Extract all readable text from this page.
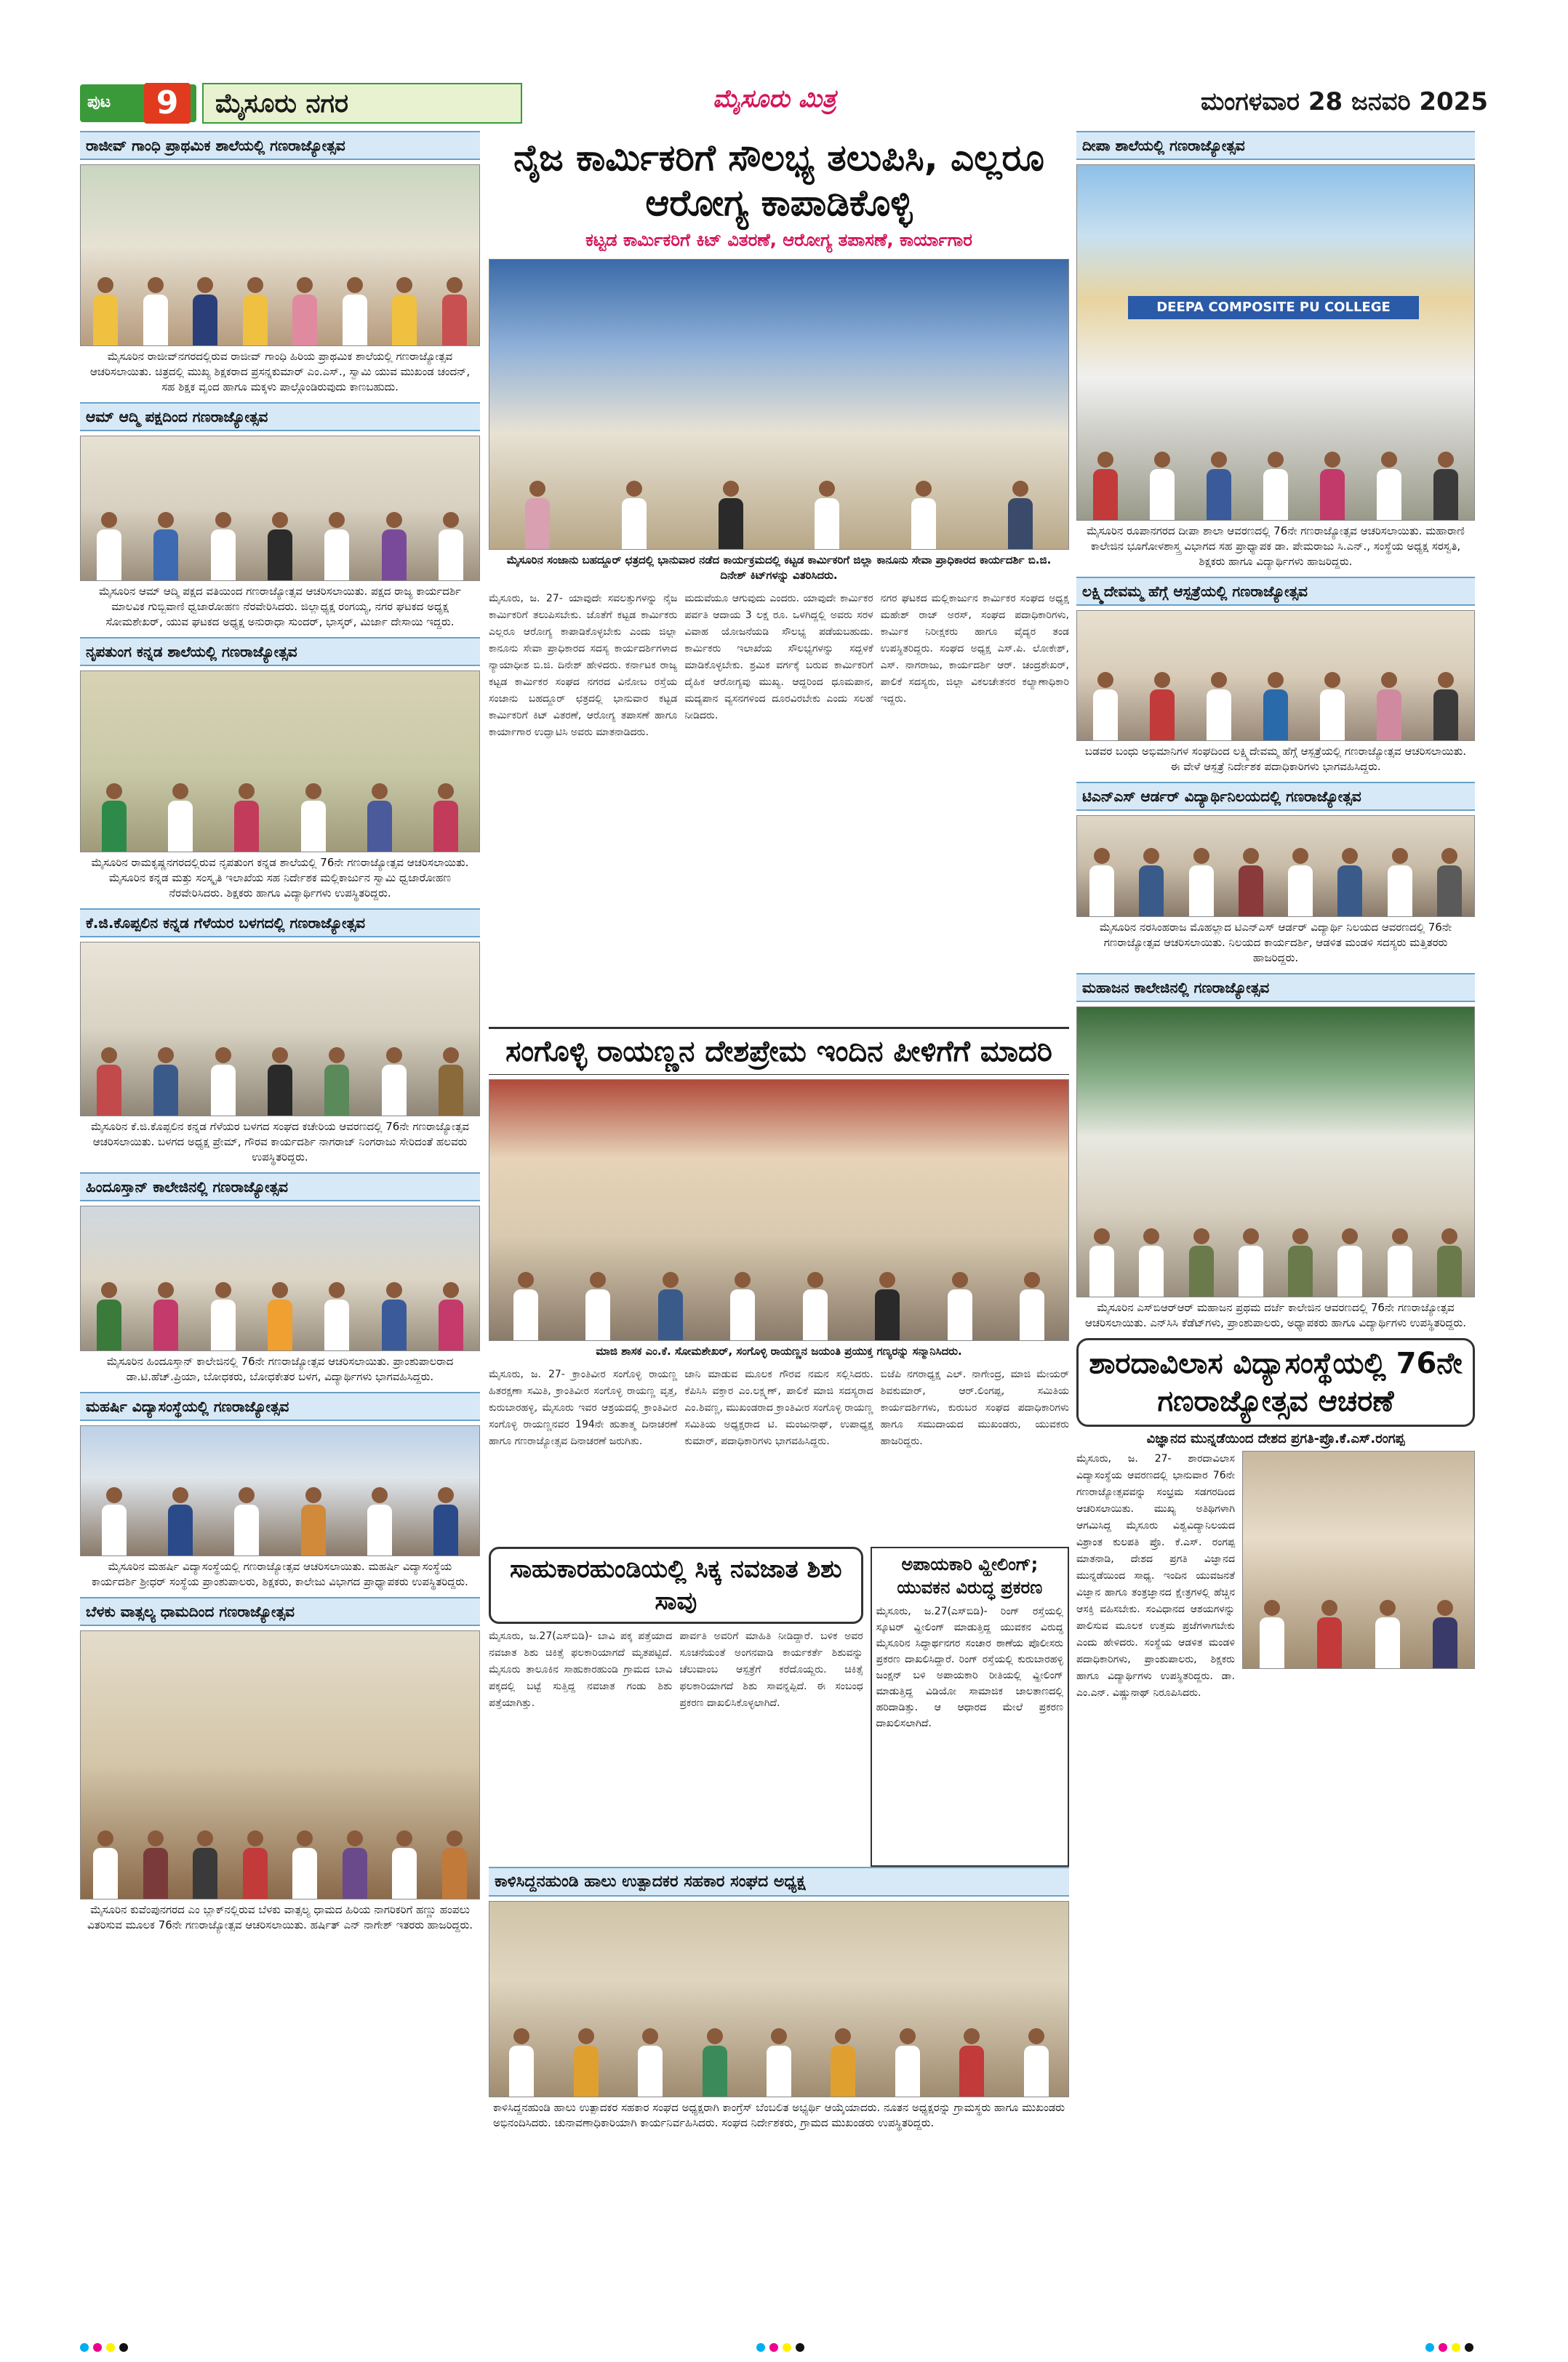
ಪುಟ	9	ಮೈಸೂರು ನಗರ	ಮೈಸೂರು ಮಿತ್ರ	ಮಂಗಳವಾರ 28 ಜನವರಿ 2025
ರಾಜೀವ್ ಗಾಂಧಿ ಪ್ರಾಥಮಿಕ ಶಾಲೆಯಲ್ಲಿ ಗಣರಾಜ್ಯೋತ್ಸವ
ಮೈಸೂರಿನ ರಾಜೀವ್‌ನಗರದಲ್ಲಿರುವ ರಾಜೀವ್ ಗಾಂಧಿ ಹಿರಿಯ ಪ್ರಾಥಮಿಕ ಶಾಲೆಯಲ್ಲಿ ಗಣರಾಜ್ಯೋತ್ಸವ ಆಚರಿಸಲಾಯಿತು. ಚಿತ್ರದಲ್ಲಿ ಮುಖ್ಯ ಶಿಕ್ಷಕರಾದ ಪ್ರಸನ್ನಕುಮಾರ್ ಎಂ.ಎಸ್., ಸ್ವಾಮಿ ಯುವ ಮುಖಂಡ ಚಂದನ್, ಸಹ ಶಿಕ್ಷಕ ವೃಂದ ಹಾಗೂ ಮಕ್ಕಳು ಪಾಲ್ಗೊಂಡಿರುವುದು ಕಾಣಬಹುದು.
ಆಮ್ ಆದ್ಮಿ ಪಕ್ಷದಿಂದ ಗಣರಾಜ್ಯೋತ್ಸವ
ಮೈಸೂರಿನ ಆಮ್ ಆದ್ಮಿ ಪಕ್ಷದ ವತಿಯಿಂದ ಗಣರಾಜ್ಯೋತ್ಸವ ಆಚರಿಸಲಾಯಿತು. ಪಕ್ಷದ ರಾಜ್ಯ ಕಾರ್ಯದರ್ಶಿ ಮಾಲವಿಕ ಗುಬ್ಬಿವಾಣಿ ಧ್ವಜಾರೋಹಣ ನೆರವೇರಿಸಿದರು. ಜಿಲ್ಲಾಧ್ಯಕ್ಷ ರಂಗಯ್ಯ, ನಗರ ಘಟಕದ ಅಧ್ಯಕ್ಷ ಸೋಮಶೇಖರ್, ಯುವ ಘಟಕದ ಅಧ್ಯಕ್ಷ ಅನುರಾಧಾ ಸುಂದರ್, ಭಾಸ್ಕರ್, ಮಿರ್ಜಾ ದೇಸಾಯಿ ಇದ್ದರು.
ನೃಪತುಂಗ ಕನ್ನಡ ಶಾಲೆಯಲ್ಲಿ ಗಣರಾಜ್ಯೋತ್ಸವ
ಮೈಸೂರಿನ ರಾಮಕೃಷ್ಣನಗರದಲ್ಲಿರುವ ನೃಪತುಂಗ ಕನ್ನಡ ಶಾಲೆಯಲ್ಲಿ 76ನೇ ಗಣರಾಜ್ಯೋತ್ಸವ ಆಚರಿಸಲಾಯಿತು. ಮೈಸೂರಿನ ಕನ್ನಡ ಮತ್ತು ಸಂಸ್ಕೃತಿ ಇಲಾಖೆಯ ಸಹ ನಿರ್ದೇಶಕ ಮಲ್ಲಿಕಾರ್ಜುನ ಸ್ವಾಮಿ ಧ್ವಜಾರೋಹಣ ನೆರವೇರಿಸಿದರು. ಶಿಕ್ಷಕರು ಹಾಗೂ ವಿದ್ಯಾರ್ಥಿಗಳು ಉಪಸ್ಥಿತರಿದ್ದರು.
ಕೆ.ಜಿ.ಕೊಪ್ಪಲಿನ ಕನ್ನಡ ಗೆಳೆಯರ ಬಳಗದಲ್ಲಿ ಗಣರಾಜ್ಯೋತ್ಸವ
ಮೈಸೂರಿನ ಕೆ.ಜಿ.ಕೊಪ್ಪಲಿನ ಕನ್ನಡ ಗೆಳೆಯರ ಬಳಗದ ಸಂಘದ ಕಚೇರಿಯ ಆವರಣದಲ್ಲಿ 76ನೇ ಗಣರಾಜ್ಯೋತ್ಸವ ಆಚರಿಸಲಾಯಿತು. ಬಳಗದ ಅಧ್ಯಕ್ಷ ಪ್ರೇಮ್, ಗೌರವ ಕಾರ್ಯದರ್ಶಿ ನಾಗರಾಜ್ ನಿಂಗರಾಜು ಸೇರಿದಂತೆ ಹಲವರು ಉಪಸ್ಥಿತರಿದ್ದರು.
ಹಿಂದೂಸ್ತಾನ್ ಕಾಲೇಜಿನಲ್ಲಿ ಗಣರಾಜ್ಯೋತ್ಸವ
ಮೈಸೂರಿನ ಹಿಂದೂಸ್ತಾನ್ ಕಾಲೇಜಿನಲ್ಲಿ 76ನೇ ಗಣರಾಜ್ಯೋತ್ಸವ ಆಚರಿಸಲಾಯಿತು. ಪ್ರಾಂಶುಪಾಲರಾದ ಡಾ.ಟಿ.ಹೆಚ್.ಪ್ರಿಯಾ, ಬೋಧಕರು, ಬೋಧಕೇತರ ಬಳಗ, ವಿದ್ಯಾರ್ಥಿಗಳು ಭಾಗವಹಿಸಿದ್ದರು.
ಮಹರ್ಷಿ ವಿದ್ಯಾಸಂಸ್ಥೆಯಲ್ಲಿ ಗಣರಾಜ್ಯೋತ್ಸವ
ಮೈಸೂರಿನ ಮಹರ್ಷಿ ವಿದ್ಯಾಸಂಸ್ಥೆಯಲ್ಲಿ ಗಣರಾಜ್ಯೋತ್ಸವ ಆಚರಿಸಲಾಯಿತು. ಮಹರ್ಷಿ ವಿದ್ಯಾಸಂಸ್ಥೆಯ ಕಾರ್ಯದರ್ಶಿ ಶ್ರೀಧರ್ ಸಂಸ್ಥೆಯ ಪ್ರಾಂಶುಪಾಲರು, ಶಿಕ್ಷಕರು, ಕಾಲೇಜು ವಿಭಾಗದ ಪ್ರಾಧ್ಯಾಪಕರು ಉಪಸ್ಥಿತರಿದ್ದರು.
ಬೆಳಕು ವಾತ್ಸಲ್ಯ ಧಾಮದಿಂದ ಗಣರಾಜ್ಯೋತ್ಸವ
ಮೈಸೂರಿನ ಕುವೆಂಪುನಗರದ ಎಂ ಬ್ಲಾಕ್‌ನಲ್ಲಿರುವ ಬೆಳಕು ವಾತ್ಸಲ್ಯ ಧಾಮದ ಹಿರಿಯ ನಾಗರಿಕರಿಗೆ ಹಣ್ಣು ಹಂಪಲು ವಿತರಿಸುವ ಮೂಲಕ 76ನೇ ಗಣರಾಜ್ಯೋತ್ಸವ ಆಚರಿಸಲಾಯಿತು. ಹರ್ಷಿತ್ ಎನ್ ನಾಗೇಶ್ ಇತರರು ಹಾಜರಿದ್ದರು.
ನೈಜ ಕಾರ್ಮಿಕರಿಗೆ ಸೌಲಭ್ಯ ತಲುಪಿಸಿ, ಎಲ್ಲರೂ ಆರೋಗ್ಯ ಕಾಪಾಡಿಕೊಳ್ಳಿ
ಕಟ್ಟಡ ಕಾರ್ಮಿಕರಿಗೆ ಕಿಟ್ ವಿತರಣೆ, ಆರೋಗ್ಯ ತಪಾಸಣೆ, ಕಾರ್ಯಾಗಾರ
ಮೈಸೂರಿನ ಸಂಜಾನು ಬಹದ್ದೂರ್ ಛತ್ರದಲ್ಲಿ ಭಾನುವಾರ ನಡೆದ ಕಾರ್ಯಕ್ರಮದಲ್ಲಿ ಕಟ್ಟಡ ಕಾರ್ಮಿಕರಿಗೆ ಜಿಲ್ಲಾ ಕಾನೂನು ಸೇವಾ ಪ್ರಾಧಿಕಾರದ ಕಾರ್ಯದರ್ಶಿ ಬಿ.ಜಿ. ದಿನೇಶ್ ಕಿಟ್‌ಗಳನ್ನು ವಿತರಿಸಿದರು.
ಮೈಸೂರು, ಜ. 27- ಯಾವುದೇ ಸವಲತ್ತುಗಳನ್ನು ನೈಜ ಕಾರ್ಮಿಕರಿಗೆ ತಲುಪಿಸಬೇಕು. ಜೊತೆಗೆ ಕಟ್ಟಡ ಕಾರ್ಮಿಕರು ಎಲ್ಲರೂ ಆರೋಗ್ಯ ಕಾಪಾಡಿಕೊಳ್ಳಬೇಕು ಎಂದು ಜಿಲ್ಲಾ ಕಾನೂನು ಸೇವಾ ಪ್ರಾಧಿಕಾರದ ಸದಸ್ಯ ಕಾರ್ಯದರ್ಶಿಗಳಾದ ನ್ಯಾಯಾಧೀಶ ಬಿ.ಜಿ. ದಿನೇಶ್ ಹೇಳಿದರು. ಕರ್ನಾಟಕ ರಾಜ್ಯ ಕಟ್ಟಡ ಕಾರ್ಮಿಕರ ಸಂಘದ ನಗರದ ವಿನೋಬ ರಸ್ತೆಯ ಸಂಜಾನು ಬಹದ್ದೂರ್ ಛತ್ರದಲ್ಲಿ ಭಾನುವಾರ ಕಟ್ಟಡ ಕಾರ್ಮಿಕರಿಗೆ ಕಿಟ್ ವಿತರಣೆ, ಆರೋಗ್ಯ ತಪಾಸಣೆ ಹಾಗೂ ಕಾರ್ಯಾಗಾರ ಉದ್ಘಾಟಿಸಿ ಅವರು ಮಾತನಾಡಿದರು.
ಮದುವೆಯೂ ಆಗುವುದು ಎಂದರು. ಯಾವುದೇ ಕಾರ್ಮಿಕರ ಪರ್ವತಿ ಆದಾಯ 3 ಲಕ್ಷ ರೂ. ಒಳಗಿದ್ದಲ್ಲಿ ಅವರು ಸರಳ ವಿವಾಹ ಯೋಜನೆಯಡಿ ಸೌಲಭ್ಯ ಪಡೆಯಬಹುದು. ಕಾರ್ಮಿಕರು ಇಲಾಖೆಯ ಸೌಲಭ್ಯಗಳನ್ನು ಸದ್ಬಳಕೆ ಮಾಡಿಕೊಳ್ಳಬೇಕು. ಶ್ರಮಿಕ ವರ್ಗಕ್ಕೆ ಬರುವ ಕಾರ್ಮಿಕರಿಗೆ ದೈಹಿಕ ಆರೋಗ್ಯವು ಮುಖ್ಯ. ಆದ್ದರಿಂದ ಧೂಮಪಾನ, ಮದ್ಯಪಾನ ವ್ಯಸನಗಳಿಂದ ದೂರವಿರಬೇಕು ಎಂದು ಸಲಹೆ ನೀಡಿದರು.
ನಗರ ಘಟಕದ ಮಲ್ಲಿಕಾರ್ಜುನ ಕಾರ್ಮಿಕರ ಸಂಘದ ಅಧ್ಯಕ್ಷ ಮಹೇಶ್ ರಾಜ್ ಅರಸ್, ಸಂಘದ ಪದಾಧಿಕಾರಿಗಳು, ಕಾರ್ಮಿಕ ನಿರೀಕ್ಷಕರು ಹಾಗೂ ವೈದ್ಯರ ತಂಡ ಉಪಸ್ಥಿತರಿದ್ದರು. ಸಂಘದ ಅಧ್ಯಕ್ಷ ಎಸ್.ಪಿ. ಲೋಕೇಶ್, ಎಸ್. ನಾಗರಾಜು, ಕಾರ್ಯದರ್ಶಿ ಆರ್. ಚಂದ್ರಶೇಖರ್, ಪಾಲಿಕೆ ಸದಸ್ಯರು, ಜಿಲ್ಲಾ ವಿಕಲಚೇತನರ ಕಲ್ಯಾಣಾಧಿಕಾರಿ ಇದ್ದರು.
ಸಂಗೊಳ್ಳಿ ರಾಯಣ್ಣನ ದೇಶಪ್ರೇಮ ಇಂದಿನ ಪೀಳಿಗೆಗೆ ಮಾದರಿ
ಮಾಜಿ ಶಾಸಕ ಎಂ.ಕೆ. ಸೋಮಶೇಖರ್, ಸಂಗೊಳ್ಳಿ ರಾಯಣ್ಣನ ಜಯಂತಿ ಪ್ರಯುಕ್ತ ಗಣ್ಯರನ್ನು ಸನ್ಮಾನಿಸಿದರು.
ಮೈಸೂರು, ಜ. 27- ಕ್ರಾಂತಿವೀರ ಸಂಗೊಳ್ಳಿ ರಾಯಣ್ಣ ಹಿತರಕ್ಷಣಾ ಸಮಿತಿ, ಕ್ರಾಂತಿವೀರ ಸಂಗೊಳ್ಳಿ ರಾಯಣ್ಣ ವೃತ್ತ, ಕುರುಬಾರಹಳ್ಳಿ, ಮೈಸೂರು ಇವರ ಆಶ್ರಯದಲ್ಲಿ ಕ್ರಾಂತಿವೀರ ಸಂಗೊಳ್ಳಿ ರಾಯಣ್ಣನವರ 194ನೇ ಹುತಾತ್ಮ ದಿನಾಚರಣೆ ಹಾಗೂ ಗಣರಾಜ್ಯೋತ್ಸವ ದಿನಾಚರಣೆ ಜರುಗಿತು.
ಜಾನಿ ಮಾಡುವ ಮೂಲಕ ಗೌರವ ನಮನ ಸಲ್ಲಿಸಿದರು. ಕೆಪಿಸಿಸಿ ವಕ್ತಾರ ಎಂ.ಲಕ್ಷ್ಮಣ್, ಪಾಲಿಕೆ ಮಾಜಿ ಸದಸ್ಯರಾದ ಎಂ.ಶಿವಣ್ಣ, ಮುಖಂಡರಾದ ಕ್ರಾಂತಿವೀರ ಸಂಗೊಳ್ಳಿ ರಾಯಣ್ಣ ಸಮಿತಿಯ ಅಧ್ಯಕ್ಷರಾದ ಟಿ. ಮಂಜುನಾಥ್, ಉಪಾಧ್ಯಕ್ಷ ಕುಮಾರ್, ಪದಾಧಿಕಾರಿಗಳು ಭಾಗವಹಿಸಿದ್ದರು.
ಬಿಜೆಪಿ ನಗರಾಧ್ಯಕ್ಷ ಎಲ್. ನಾಗೇಂದ್ರ, ಮಾಜಿ ಮೇಯರ್ ಶಿವಕುಮಾರ್, ಆರ್.ಲಿಂಗಪ್ಪ, ಸಮಿತಿಯ ಕಾರ್ಯದರ್ಶಿಗಳು, ಕುರುಬರ ಸಂಘದ ಪದಾಧಿಕಾರಿಗಳು ಹಾಗೂ ಸಮುದಾಯದ ಮುಖಂಡರು, ಯುವಕರು ಹಾಜರಿದ್ದರು.
ಸಾಹುಕಾರಹುಂಡಿಯಲ್ಲಿ ಸಿಕ್ಕ ನವಜಾತ ಶಿಶು ಸಾವು
ಮೈಸೂರು, ಜ.27(ಎಸ್‌ಬಿಡಿ)- ಬಾವಿ ಪಕ್ಕ ಪತ್ತೆಯಾದ ನವಜಾತ ಶಿಶು ಚಿಕಿತ್ಸೆ ಫಲಕಾರಿಯಾಗದೆ ಮೃತಪಟ್ಟಿದೆ. ಮೈಸೂರು ತಾಲೂಕಿನ ಸಾಹುಕಾರಹುಂಡಿ ಗ್ರಾಮದ ಬಾವಿ ಪಕ್ಕದಲ್ಲಿ ಬಟ್ಟೆ ಸುತ್ತಿದ್ದ ನವಜಾತ ಗಂಡು ಶಿಶು ಪತ್ತೆಯಾಗಿತ್ತು.
ಪಾರ್ವತಿ ಅವರಿಗೆ ಮಾಹಿತಿ ನೀಡಿದ್ದಾರೆ. ಬಳಿಕ ಅವರ ಸೂಚನೆಯಂತೆ ಅಂಗನವಾಡಿ ಕಾರ್ಯಕರ್ತೆ ಶಿಶುವನ್ನು ಚೆಲುವಾಂಬ ಆಸ್ಪತ್ರೆಗೆ ಕರೆದೊಯ್ದರು. ಚಿಕಿತ್ಸೆ ಫಲಕಾರಿಯಾಗದೆ ಶಿಶು ಸಾವನ್ನಪ್ಪಿದೆ. ಈ ಸಂಬಂಧ ಪ್ರಕರಣ ದಾಖಲಿಸಿಕೊಳ್ಳಲಾಗಿದೆ.
ಅಪಾಯಕಾರಿ ವ್ಹೀಲಿಂಗ್; ಯುವಕನ ವಿರುದ್ಧ ಪ್ರಕರಣ
ಮೈಸೂರು, ಜ.27(ಎಸ್‌ಬಿಡಿ)- ರಿಂಗ್ ರಸ್ತೆಯಲ್ಲಿ ಸ್ಕೂಟರ್ ವ್ಹೀಲಿಂಗ್ ಮಾಡುತ್ತಿದ್ದ ಯುವಕನ ವಿರುದ್ಧ ಮೈಸೂರಿನ ಸಿದ್ಧಾರ್ಥನಗರ ಸಂಚಾರ ಠಾಣೆಯ ಪೊಲೀಸರು ಪ್ರಕರಣ ದಾಖಲಿಸಿದ್ದಾರೆ. ರಿಂಗ್ ರಸ್ತೆಯಲ್ಲಿ ಕುರುಬಾರಹಳ್ಳಿ ಜಂಕ್ಷನ್ ಬಳಿ ಅಪಾಯಕಾರಿ ರೀತಿಯಲ್ಲಿ ವ್ಹೀಲಿಂಗ್ ಮಾಡುತ್ತಿದ್ದ ವಿಡಿಯೋ ಸಾಮಾಜಿಕ ಜಾಲತಾಣದಲ್ಲಿ ಹರಿದಾಡಿತ್ತು. ಆ ಆಧಾರದ ಮೇಲೆ ಪ್ರಕರಣ ದಾಖಲಿಸಲಾಗಿದೆ.
ಕಾಳಿಸಿದ್ದನಹುಂಡಿ ಹಾಲು ಉತ್ಪಾದಕರ ಸಹಕಾರ ಸಂಘದ ಅಧ್ಯಕ್ಷ
ಕಾಳಿಸಿದ್ದನಹುಂಡಿ ಹಾಲು ಉತ್ಪಾದಕರ ಸಹಕಾರ ಸಂಘದ ಅಧ್ಯಕ್ಷರಾಗಿ ಕಾಂಗ್ರೆಸ್ ಬೆಂಬಲಿತ ಅಭ್ಯರ್ಥಿ ಆಯ್ಕೆಯಾದರು. ನೂತನ ಅಧ್ಯಕ್ಷರನ್ನು ಗ್ರಾಮಸ್ಥರು ಹಾಗೂ ಮುಖಂಡರು ಅಭಿನಂದಿಸಿದರು. ಚುನಾವಣಾಧಿಕಾರಿಯಾಗಿ ಕಾರ್ಯನಿರ್ವಹಿಸಿದರು. ಸಂಘದ ನಿರ್ದೇಶಕರು, ಗ್ರಾಮದ ಮುಖಂಡರು ಉಪಸ್ಥಿತರಿದ್ದರು.
ದೀಪಾ ಶಾಲೆಯಲ್ಲಿ ಗಣರಾಜ್ಯೋತ್ಸವ
DEEPA COMPOSITE PU COLLEGE
ಮೈಸೂರಿನ ರೂಪಾನಗರದ ದೀಪಾ ಶಾಲಾ ಆವರಣದಲ್ಲಿ 76ನೇ ಗಣರಾಜ್ಯೋತ್ಸವ ಆಚರಿಸಲಾಯಿತು. ಮಹಾರಾಣಿ ಕಾಲೇಜಿನ ಭೂಗೋಳಶಾಸ್ತ್ರ ವಿಭಾಗದ ಸಹ ಪ್ರಾಧ್ಯಾಪಕ ಡಾ. ಪೇಮರಾಜು ಸಿ.ಎನ್., ಸಂಸ್ಥೆಯ ಅಧ್ಯಕ್ಷ ಸರಸ್ವತಿ, ಶಿಕ್ಷಕರು ಹಾಗೂ ವಿದ್ಯಾರ್ಥಿಗಳು ಹಾಜರಿದ್ದರು.
ಲಕ್ಷ್ಮಿದೇವಮ್ಮ ಹೆಗ್ಗೆ ಆಸ್ಪತ್ರೆಯಲ್ಲಿ ಗಣರಾಜ್ಯೋತ್ಸವ
ಬಡವರ ಬಂಧು ಅಭಿಮಾನಿಗಳ ಸಂಘದಿಂದ ಲಕ್ಷ್ಮಿದೇವಮ್ಮ ಹೆಗ್ಗೆ ಆಸ್ಪತ್ರೆಯಲ್ಲಿ ಗಣರಾಜ್ಯೋತ್ಸವ ಆಚರಿಸಲಾಯಿತು. ಈ ವೇಳೆ ಆಸ್ಪತ್ರೆ ನಿರ್ದೇಶಕ ಪದಾಧಿಕಾರಿಗಳು ಭಾಗವಹಿಸಿದ್ದರು.
ಟಿಎನ್‌ಎಸ್ ಆರ್ಡರ್ ವಿದ್ಯಾರ್ಥಿನಿಲಯದಲ್ಲಿ ಗಣರಾಜ್ಯೋತ್ಸವ
ಮೈಸೂರಿನ ನರಸಿಂಹರಾಜ ಮೊಹಲ್ಲಾದ ಟಿಎನ್‌ಎಸ್ ಆರ್ಡರ್ ವಿದ್ಯಾರ್ಥಿ ನಿಲಯದ ಆವರಣದಲ್ಲಿ 76ನೇ ಗಣರಾಜ್ಯೋತ್ಸವ ಆಚರಿಸಲಾಯಿತು. ನಿಲಯದ ಕಾರ್ಯದರ್ಶಿ, ಆಡಳಿತ ಮಂಡಳಿ ಸದಸ್ಯರು ಮತ್ತಿತರರು ಹಾಜರಿದ್ದರು.
ಮಹಾಜನ ಕಾಲೇಜಿನಲ್ಲಿ ಗಣರಾಜ್ಯೋತ್ಸವ
ಮೈಸೂರಿನ ಎಸ್‌ಬಿಆರ್‌ಆರ್ ಮಹಾಜನ ಪ್ರಥಮ ದರ್ಜೆ ಕಾಲೇಜಿನ ಆವರಣದಲ್ಲಿ 76ನೇ ಗಣರಾಜ್ಯೋತ್ಸವ ಆಚರಿಸಲಾಯಿತು. ಎನ್‌ಸಿಸಿ ಕೆಡೆಟ್‌ಗಳು, ಪ್ರಾಂಶುಪಾಲರು, ಅಧ್ಯಾಪಕರು ಹಾಗೂ ವಿದ್ಯಾರ್ಥಿಗಳು ಉಪಸ್ಥಿತರಿದ್ದರು.
ಶಾರದಾವಿಲಾಸ ವಿದ್ಯಾಸಂಸ್ಥೆಯಲ್ಲಿ 76ನೇ ಗಣರಾಜ್ಯೋತ್ಸವ ಆಚರಣೆ
ವಿಜ್ಞಾನದ ಮುನ್ನಡೆಯಿಂದ ದೇಶದ ಪ್ರಗತಿ-ಪ್ರೊ.ಕೆ.ಎಸ್.ರಂಗಪ್ಪ
ಮೈಸೂರು, ಜ. 27- ಶಾರದಾವಿಲಾಸ ವಿದ್ಯಾಸಂಸ್ಥೆಯ ಆವರಣದಲ್ಲಿ ಭಾನುವಾರ 76ನೇ ಗಣರಾಜ್ಯೋತ್ಸವವನ್ನು ಸಂಭ್ರಮ ಸಡಗರದಿಂದ ಆಚರಿಸಲಾಯಿತು. ಮುಖ್ಯ ಅತಿಥಿಗಳಾಗಿ ಆಗಮಿಸಿದ್ದ ಮೈಸೂರು ವಿಶ್ವವಿದ್ಯಾನಿಲಯದ ವಿಶ್ರಾಂತ ಕುಲಪತಿ ಪ್ರೊ. ಕೆ.ಎಸ್. ರಂಗಪ್ಪ ಮಾತನಾಡಿ, ದೇಶದ ಪ್ರಗತಿ ವಿಜ್ಞಾನದ ಮುನ್ನಡೆಯಿಂದ ಸಾಧ್ಯ. ಇಂದಿನ ಯುವಜನತೆ ವಿಜ್ಞಾನ ಹಾಗೂ ತಂತ್ರಜ್ಞಾನದ ಕ್ಷೇತ್ರಗಳಲ್ಲಿ ಹೆಚ್ಚಿನ ಆಸಕ್ತಿ ವಹಿಸಬೇಕು. ಸಂವಿಧಾನದ ಆಶಯಗಳನ್ನು ಪಾಲಿಸುವ ಮೂಲಕ ಉತ್ತಮ ಪ್ರಜೆಗಳಾಗಬೇಕು ಎಂದು ಹೇಳಿದರು. ಸಂಸ್ಥೆಯ ಆಡಳಿತ ಮಂಡಳಿ ಪದಾಧಿಕಾರಿಗಳು, ಪ್ರಾಂಶುಪಾಲರು, ಶಿಕ್ಷಕರು ಹಾಗೂ ವಿದ್ಯಾರ್ಥಿಗಳು ಉಪಸ್ಥಿತರಿದ್ದರು. ಡಾ. ಎಂ.ಎನ್. ವಿಷ್ಣುನಾಥ್ ನಿರೂಪಿಸಿದರು.
